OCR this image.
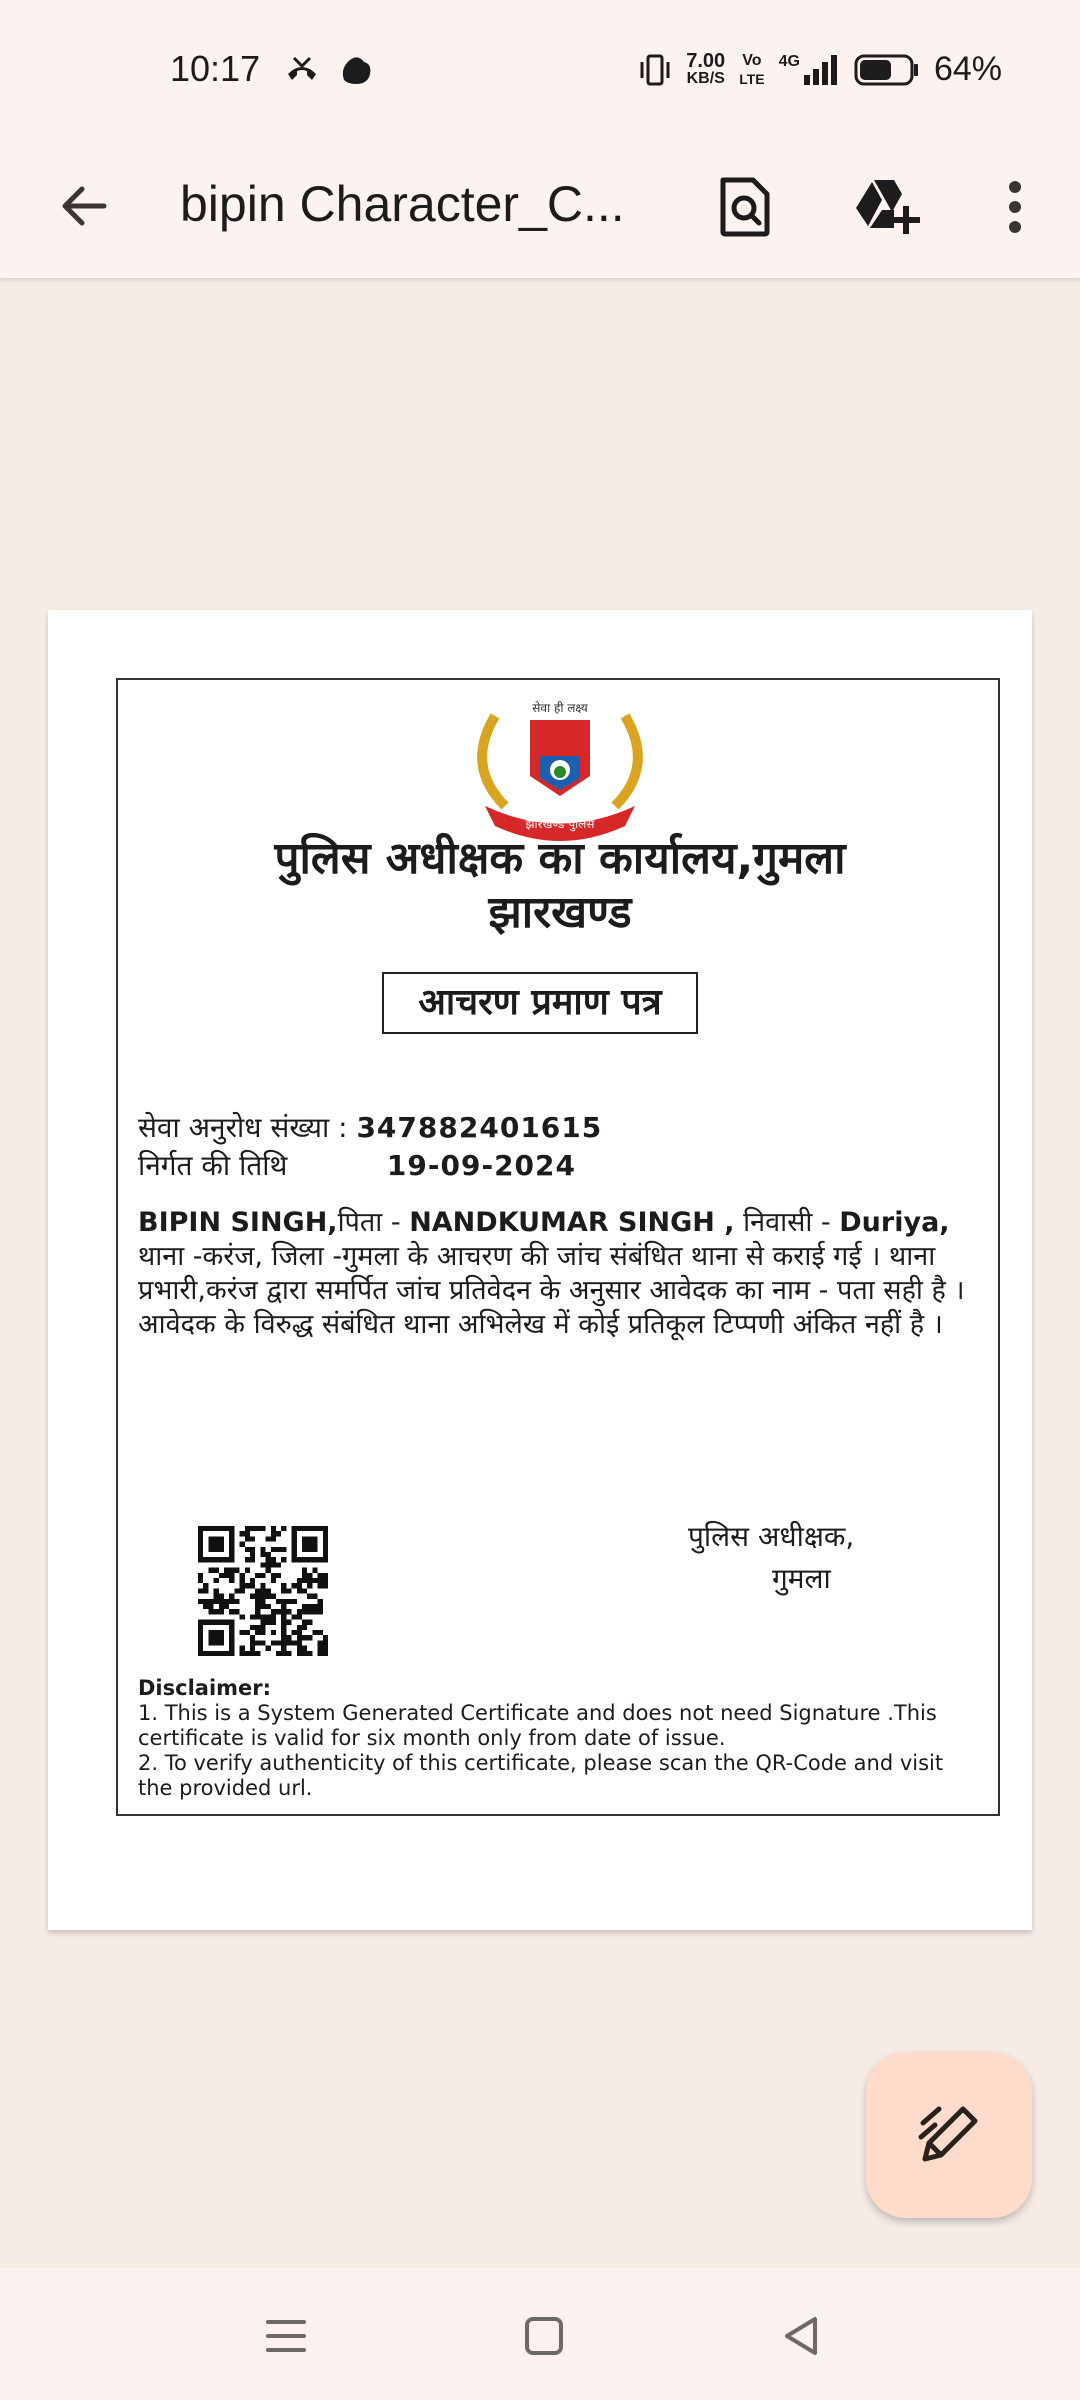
10:17	7.00
KB/S
Vo
LTE
4G	64%
bipin Character_C...
सेवा ही लक्ष्य
झारखण्ड पुलिस
पुलिस अधीक्षक का कार्यालय,गुमला
झारखण्ड
आचरण प्रमाण पत्र
सेवा अनुरोध संख्या : 347882401615
निर्गत की तिथि	19-09-2024
BIPIN SINGH,पिता - NANDKUMAR SINGH , निवासी - Duriya, थाना -करंज, जिला -गुमला के आचरण की जांच संबंधित थाना से कराई गई । थाना प्रभारी,करंज द्वारा समर्पित जांच प्रतिवेदन के अनुसार आवेदक का नाम - पता सही है । आवेदक के विरुद्ध संबंधित थाना अभिलेख में कोई प्रतिकूल टिप्पणी अंकित नहीं है ।
पुलिस अधीक्षक,
गुमला
Disclaimer:
1. This is a System Generated Certificate and does not need Signature .This certificate is valid for six month only from date of issue.
2. To verify authenticity of this certificate, please scan the QR-Code and visit the provided url.
